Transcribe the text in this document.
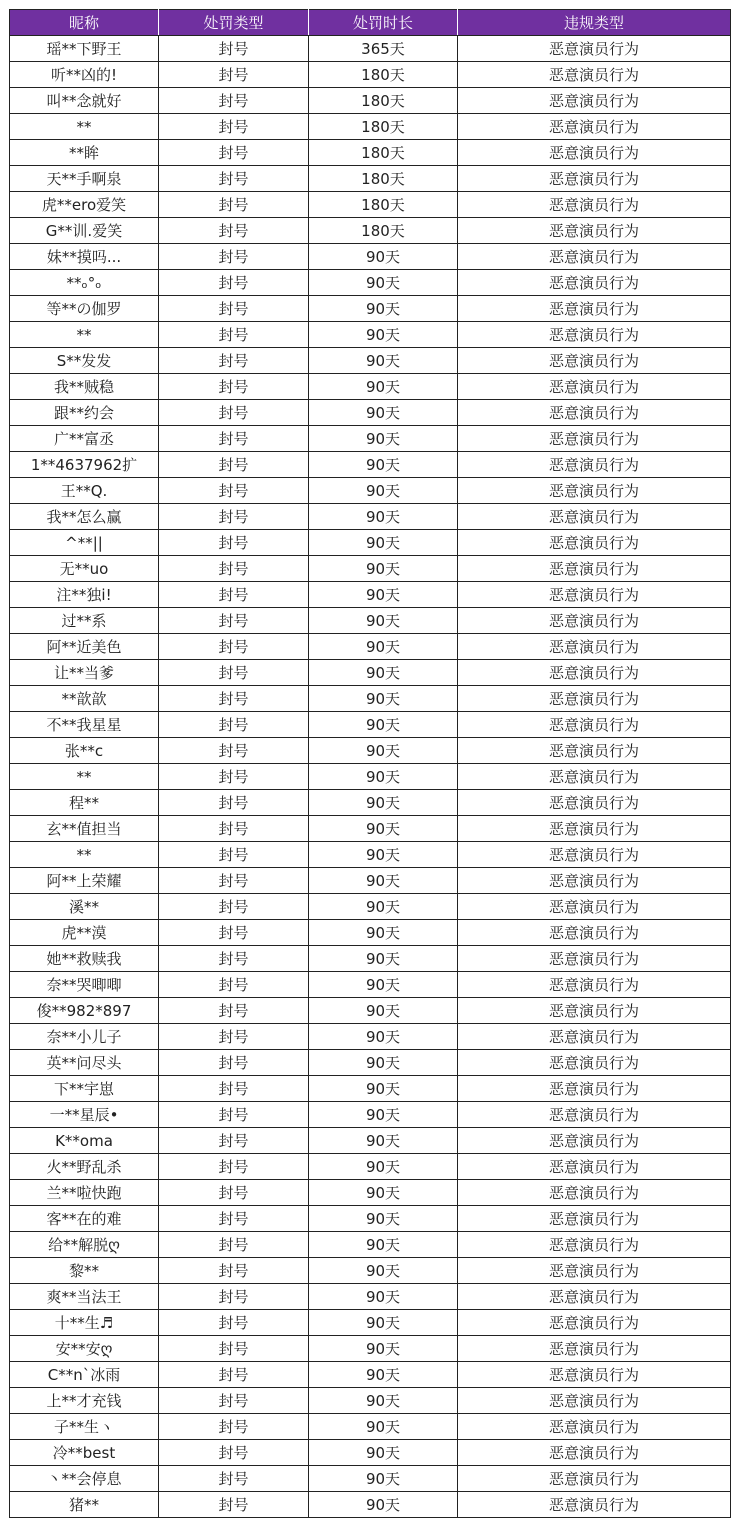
昵称	处罚类型	处罚时长	违规类型
瑶**下野王	封号	365天	恶意演员行为
听**凶的!	封号	180天	恶意演员行为
叫**念就好	封号	180天	恶意演员行为
**	封号	180天	恶意演员行为
**眸	封号	180天	恶意演员行为
天**手啊泉	封号	180天	恶意演员行为
虎**ero爱笑	封号	180天	恶意演员行为
G**训.爱笑	封号	180天	恶意演员行为
妹**摸吗...	封号	90天	恶意演员行为
**ₒ°ₒ	封号	90天	恶意演员行为
等**の伽罗	封号	90天	恶意演员行为
**	封号	90天	恶意演员行为
S**发发	封号	90天	恶意演员行为
我**贼稳	封号	90天	恶意演员行为
跟**约会	封号	90天	恶意演员行为
广**富丞	封号	90天	恶意演员行为
1**4637962扩	封号	90天	恶意演员行为
王**Q.	封号	90天	恶意演员行为
我**怎么赢	封号	90天	恶意演员行为
^**||	封号	90天	恶意演员行为
无**uo	封号	90天	恶意演员行为
注**独i!	封号	90天	恶意演员行为
过**系	封号	90天	恶意演员行为
阿**近美色	封号	90天	恶意演员行为
让**当爹	封号	90天	恶意演员行为
**歆歆	封号	90天	恶意演员行为
不**我星星	封号	90天	恶意演员行为
张**c	封号	90天	恶意演员行为
**	封号	90天	恶意演员行为
程**	封号	90天	恶意演员行为
玄**值担当	封号	90天	恶意演员行为
**	封号	90天	恶意演员行为
阿**上荣耀	封号	90天	恶意演员行为
溪**	封号	90天	恶意演员行为
虎**漠	封号	90天	恶意演员行为
她**救赎我	封号	90天	恶意演员行为
奈**哭唧唧	封号	90天	恶意演员行为
俊**982*897	封号	90天	恶意演员行为
奈**小儿子	封号	90天	恶意演员行为
英**问尽头	封号	90天	恶意演员行为
下**宇崽	封号	90天	恶意演员行为
一**星辰•	封号	90天	恶意演员行为
K**oma	封号	90天	恶意演员行为
火**野乱杀	封号	90天	恶意演员行为
兰**啦快跑	封号	90天	恶意演员行为
客**在的难	封号	90天	恶意演员行为
给**解脱ღ	封号	90天	恶意演员行为
黎**	封号	90天	恶意演员行为
爽**当法王	封号	90天	恶意演员行为
十**生♬	封号	90天	恶意演员行为
安**安ღ	封号	90天	恶意演员行为
C**n`冰雨	封号	90天	恶意演员行为
上**才充钱	封号	90天	恶意演员行为
子**生ヽ	封号	90天	恶意演员行为
冷**best	封号	90天	恶意演员行为
丶**会停息	封号	90天	恶意演员行为
猪**	封号	90天	恶意演员行为
